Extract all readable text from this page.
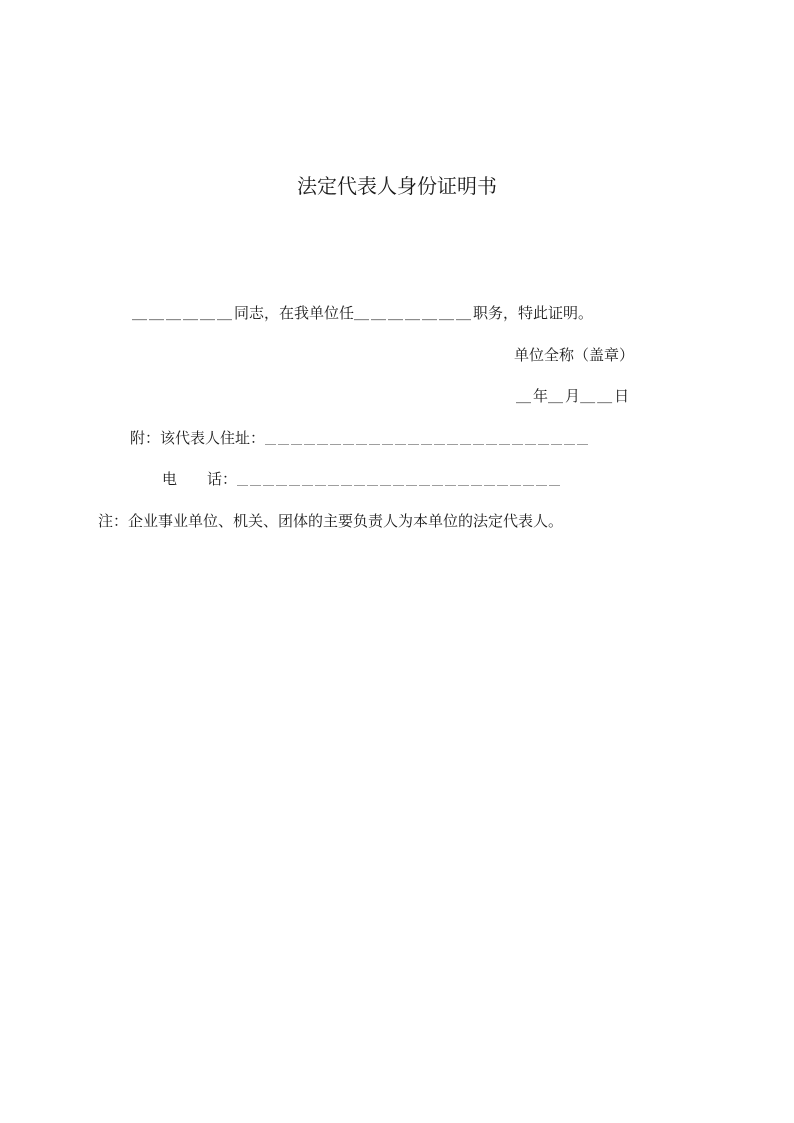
法定代表人身份证明书
＿＿＿＿＿＿同志，在我单位任＿＿＿＿＿＿＿职务，特此证明。
单位全称（盖章）
＿年＿月＿＿日
附：该代表人住址：＿＿＿＿＿＿＿＿＿＿＿＿＿＿＿＿＿＿＿＿＿＿＿＿＿
电　　话：＿＿＿＿＿＿＿＿＿＿＿＿＿＿＿＿＿＿＿＿＿＿＿＿＿
注：企业事业单位、机关、团体的主要负责人为本单位的法定代表人。
